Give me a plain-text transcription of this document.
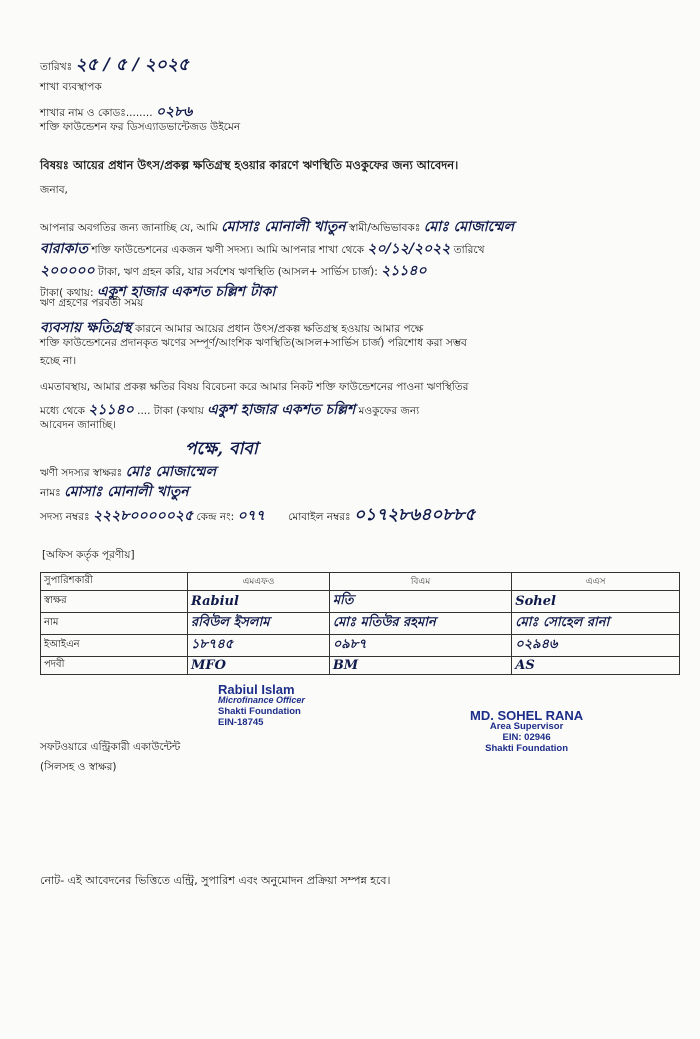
তারিখঃ ২৫ / ৫ / ২০২৫
শাখা ব্যবস্থাপক
শাখার নাম ও কোডঃ........ ০২৮৬
শক্তি ফাউন্ডেশন ফর ডিসএ্যাডভান্টেজড উইমেন
বিষয়ঃ আয়ের প্রধান উৎস/প্রকল্প ক্ষতিগ্রস্থ হওয়ার কারণে ঋণস্থিতি মওকুফের জন্য আবেদন।
জনাব,
আপনার অবগতির জন্য জানাচ্ছি যে, আমি মোসাঃ মোনালী খাতুন স্বামী/অভিভাবকঃ মোঃ মোজাম্মেল
বারাকাত শক্তি ফাউন্ডেশনের একজন ঋণী সদস্য। আমি আপনার শাখা থেকে ২০/১২/২০২২ তারিখে
২০০০০০ টাকা, ঋণ গ্রহন করি, যার সর্বশেষ ঋণস্থিতি (আসল+ সার্ভিস চার্জ): ২১১৪০
টাকা( কথায়: একুশ হাজার একশত চল্লিশ টাকা
ঋণ গ্রহণের পরবর্তী সময়
ব্যবসায় ক্ষতিগ্রস্থ কারনে আমার আয়ের প্রধান উৎস/প্রকল্প ক্ষতিগ্রস্থ হওয়ায় আমার পক্ষে
শক্তি ফাউন্ডেশনের প্রদানকৃত ঋণের সম্পূর্ণ/আংশিক ঋণস্থিতি(আসল+সার্ভিস চার্জ) পরিশোধ করা সম্ভব
হচ্ছে না।
এমতাবস্থায়, আমার প্রকল্প ক্ষতির বিষয় বিবেচনা করে আমার নিকট শক্তি ফাউন্ডেশনের পাওনা ঋণস্থিতির
মধ্যে থেকে ২১১৪০ .... টাকা (কথায় একুশ হাজার একশত চল্লিশ মওকুফের জন্য
আবেদন জানাচ্ছি।
পক্ষে, বাবা
ঋণী সদস্যর স্বাক্ষরঃ মোঃ মোজাম্মেল
নামঃ মোসাঃ মোনালী খাতুন
সদস্য নম্বরঃ ২২২৮০০০০০২৫ কেন্দ্র নং: ০৭৭ মোবাইল নম্বরঃ ০১৭২৮৬৪০৮৮৫
[অফিস কর্তৃক পূরণীয়]
সুপারিশকারী	এমএফও	বিএম	এএস
স্বাক্ষর	Rabiul	মতি	Sohel
নাম	রবিউল ইসলাম	মোঃ মতিউর রহমান	মোঃ সোহেল রানা
ইআইএন	১৮৭৪৫	০৯৮৭	০২৯৪৬
পদবী	MFO	BM	AS
Rabiul Islam
Microfinance Officer
Shakti Foundation
EIN-18745	MD. SOHEL RANA
Area Supervisor
EIN: 02946
Shakti Foundation
সফটওয়ারে এন্ট্রিকারী একাউন্টেন্ট
(সিলসহ ও স্বাক্ষর)
নোট- এই আবেদনের ভিত্তিতে এন্ট্রি, সুপারিশ এবং অনুমোদন প্রক্রিয়া সম্পন্ন হবে।
